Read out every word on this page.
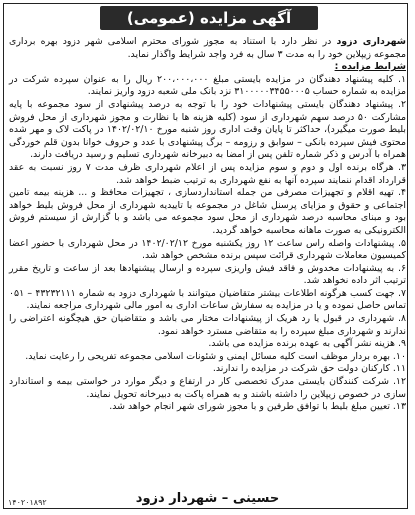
آگهی مزایده (عمومی)

شهرداری دزود در نظر دارد با استناد به مجوز شورای محترم اسلامی شهر دزود بهره برداری مجموعه زیپلاین خود را به مدت ۳ سال به فرد واجد شرایط واگذار نماید.

شرایط مزایده :

۱. کلیه پیشنهاد دهندگان در مزایده بایستی مبلغ ۲۰۰،۰۰۰،۰۰۰ ریال را به عنوان سپرده شرکت در مزایده به شماره حساب ۳۱۰۰۰۰۰۳۴۵۵۰۰۰۵ نزد بانک ملی شعبه دزود واریز نمایند.

۲. پیشنهاد دهندگان بایستی پیشنهادات خود را با توجه به درصد پیشنهادی از سود مجموعه با پایه مشارکت ۵۰ درصد سهم شهرداری از سود (کلیه هزینه ها با نظارت و مجوز شهرداری از محل فروش بلیط صورت میگیرد)، حداکثر تا پایان وقت اداری روز شنبه مورخ ۱۴۰۲/۰۲/۱۰ در پاکت لاک و مهر شده محتوی فیش سپرده بانکی – سوابق و رزومه – برگ پیشنهادی با عدد و حروف خوانا بدون قلم خوردگی همراه با آدرس و ذکر شماره تلفن پس از امضا به دبیرخانه شهرداری تسلیم و رسید دریافت دارند.

۳. هرگاه برنده اول و دوم و سوم مزایده پس از اعلام شهرداری ظرف مدت ۷ روز نسبت به عقد قرارداد اقدام ننمایند سپرده آنها به نفع شهرداری به ترتیب ضبط خواهد شد.

۴. تهیه اقلام و تجهیزات مصرفی من جمله استانداردسازی ، تجهیزات محافظ و ... هزینه بیمه تامین اجتماعی و حقوق و مزایای پرسنل شاغل در مجموعه با تاییدیه شهرداری از محل فروش بلیط خواهد بود و مبنای محاسبه درصد شهرداری از محل سود مجموعه می باشد و با گزارش از سیستم فروش الکترونیکی به صورت ماهانه محاسبه خواهد گردید.

۵. پیشنهادات واصله راس ساعت ۱۲ روز یکشنبه مورخ ۱۴۰۲/۰۲/۱۲ در محل شهرداری با حضور اعضا کمیسیون معاملات شهرداری قرائت سپس برنده مشخص خواهد شد.

۶. به پیشنهادات مخدوش و فاقد فیش واریزی سپرده و ارسال پیشنهادها بعد از ساعت و تاریخ مقرر ترتیب اثر داده نخواهد شد.

۷. جهت کسب هرگونه اطلاعات بیشتر متقاضیان میتوانند با شهرداری دزود به شماره ۴۳۲۳۲۱۱۱ – ۰۵۱ تماس حاصل نموده و یا در مزایده به سفارش ساعات اداری به امور مالی شهرداری مراجعه نمایند.

۸. شهرداری در قبول یا رد هریک از پیشنهادات مختار می باشد و متقاضیان حق هیچگونه اعتراضی را ندارند و شهرداری مبلغ سپرده را به متقاضی مسترد خواهد نمود.

۹. هزینه نشر آگهی به عهده برنده مزایده می باشد.

۱۰. بهره بردار موظف است کلیه مسائل ایمنی و شئونات اسلامی مجموعه تفریحی را رعایت نماید.

۱۱. کارکنان دولت حق شرکت در مزایده را ندارند.

۱۲. شرکت کنندگان بایستی مدرک تخصصی کار در ارتفاع و دیگر موارد در خواستی بیمه و استاندارد سازی در خصوص زیپلاین را داشته باشند و به همراه پاکت به دبیرخانه تحویل نمایند.

۱۳. تعیین مبلغ بلیط با توافق طرفین و با مجوز شورای شهر انجام خواهد شد.

حسینی – شهردار دزود
۱۴۰۲۰۱۸۹۲
